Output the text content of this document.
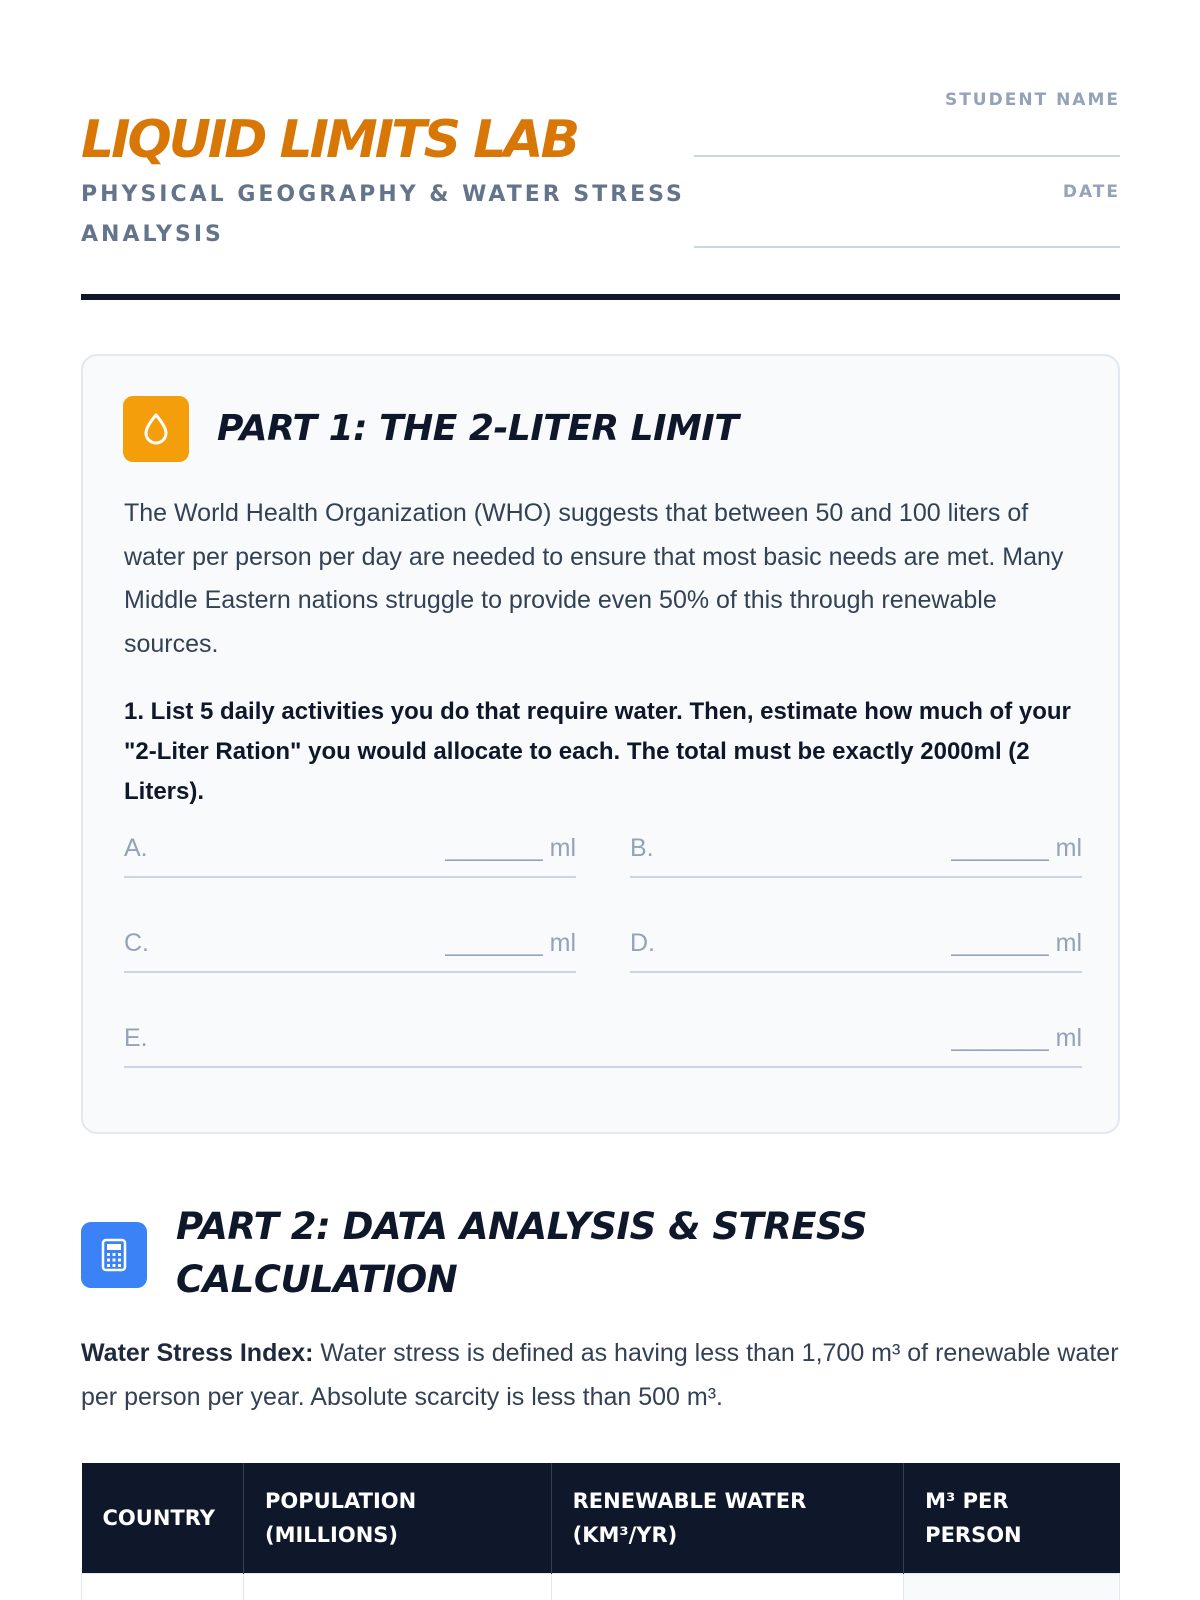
LIQUID LIMITS LAB
PHYSICAL GEOGRAPHY & WATER STRESS ANALYSIS
STUDENT NAME
DATE
PART 1: THE 2-LITER LIMIT

The World Health Organization (WHO) suggests that between 50 and 100 liters of water per person per day are needed to ensure that most basic needs are met. Many Middle Eastern nations struggle to provide even 50% of this through renewable sources.

1. List 5 daily activities you do that require water. Then, estimate how much of your "2-Liter Ration" you would allocate to each. The total must be exactly 2000ml (2 Liters).

A.	_______ ml B.	_______ ml
C.	_______ ml D.	_______ ml
E.	_______ ml
PART 2: DATA ANALYSIS & STRESS CALCULATION

Water Stress Index: Water stress is defined as having less than 1,700 m³ of renewable water per person per year. Absolute scarcity is less than 500 m³.

COUNTRY	POPULATION (MILLIONS)	RENEWABLE WATER (KM³/YR)	M³ PER PERSON
